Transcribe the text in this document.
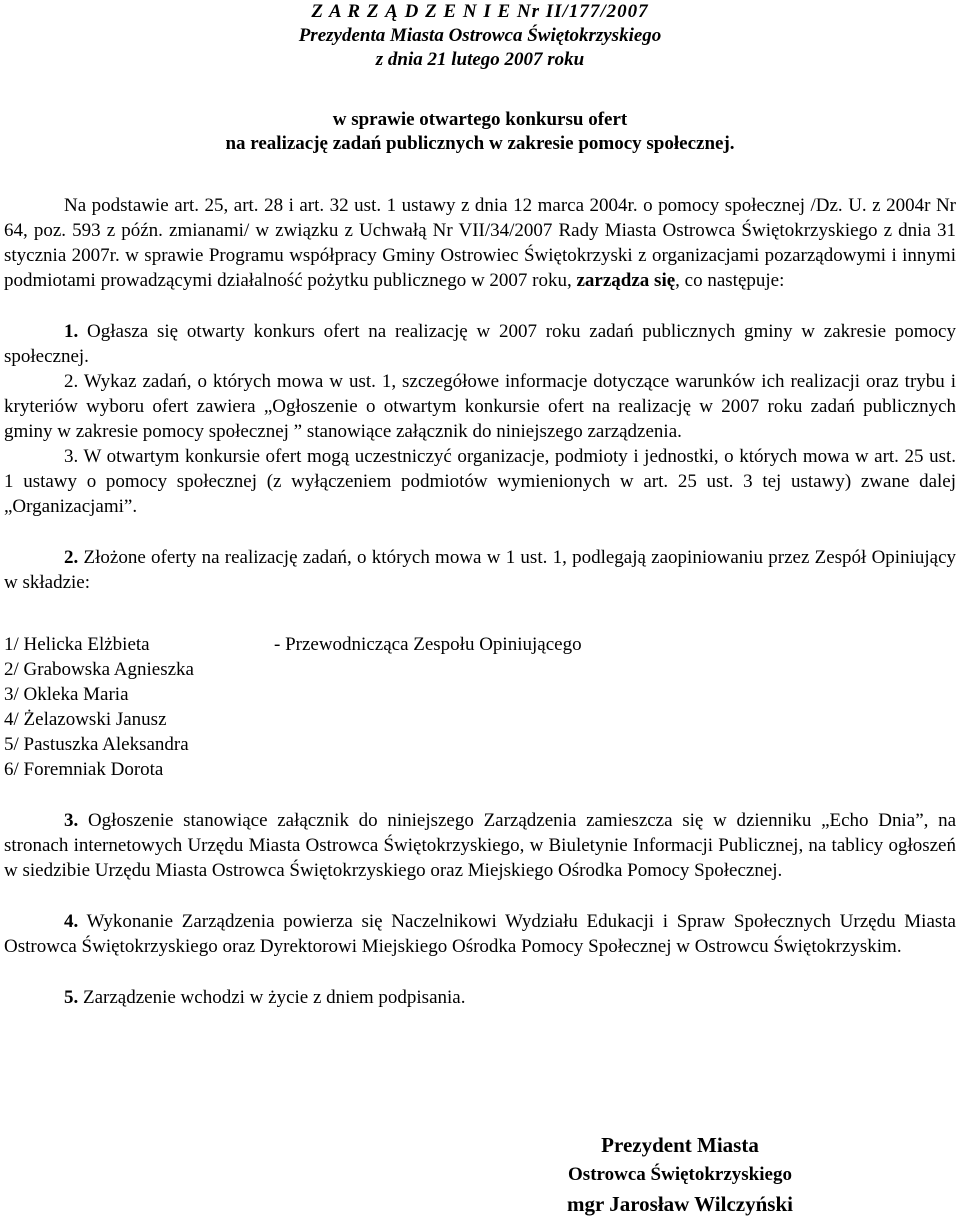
Z A R Z Ą D Z E N I E Nr II/177/2007
Prezydenta Miasta Ostrowca Świętokrzyskiego
z dnia 21 lutego 2007 roku
w sprawie otwartego konkursu ofert
na realizację zadań publicznych w zakresie pomocy społecznej.

Na podstawie art. 25, art. 28 i art. 32 ust. 1 ustawy z dnia 12 marca 2004r. o pomocy społecznej /Dz. U. z 2004r Nr 64, poz. 593 z późn. zmianami/ w związku z Uchwałą Nr VII/34/2007 Rady Miasta Ostrowca Świętokrzyskiego z dnia 31 stycznia 2007r. w sprawie Programu współpracy Gminy Ostrowiec Świętokrzyski z organizacjami pozarządowymi i innymi podmiotami prowadzącymi działalność pożytku publicznego w 2007 roku, zarządza się, co następuje:

1. Ogłasza się otwarty konkurs ofert na realizację w 2007 roku zadań publicznych gminy w zakresie pomocy społecznej.

2. Wykaz zadań, o których mowa w ust. 1, szczegółowe informacje dotyczące warunków ich realizacji oraz trybu i kryteriów wyboru ofert zawiera „Ogłoszenie o otwartym konkursie ofert na realizację w 2007 roku zadań publicznych gminy w zakresie pomocy społecznej ” stanowiące załącznik do niniejszego zarządzenia.

3. W otwartym konkursie ofert mogą uczestniczyć organizacje, podmioty i jednostki, o których mowa w art. 25 ust. 1 ustawy o pomocy społecznej (z wyłączeniem podmiotów wymienionych w art. 25 ust. 3 tej ustawy) zwane dalej „Organizacjami”.

2. Złożone oferty na realizację zadań, o których mowa w 1 ust. 1, podlegają zaopiniowaniu przez Zespół Opiniujący w składzie:

1/ Helicka Elżbieta	- Przewodnicząca Zespołu Opiniującego
2/ Grabowska Agnieszka
3/ Okleka Maria
4/ Żelazowski Janusz
5/ Pastuszka Aleksandra
6/ Foremniak Dorota

3. Ogłoszenie stanowiące załącznik do niniejszego Zarządzenia zamieszcza się w dzienniku „Echo Dnia”, na stronach internetowych Urzędu Miasta Ostrowca Świętokrzyskiego, w Biuletynie Informacji Publicznej, na tablicy ogłoszeń w siedzibie Urzędu Miasta Ostrowca Świętokrzyskiego oraz Miejskiego Ośrodka Pomocy Społecznej.

4. Wykonanie Zarządzenia powierza się Naczelnikowi Wydziału Edukacji i Spraw Społecznych Urzędu Miasta Ostrowca Świętokrzyskiego oraz Dyrektorowi Miejskiego Ośrodka Pomocy Społecznej w Ostrowcu Świętokrzyskim.

5. Zarządzenie wchodzi w życie z dniem podpisania.

Prezydent Miasta
Ostrowca Świętokrzyskiego
mgr Jarosław Wilczyński
